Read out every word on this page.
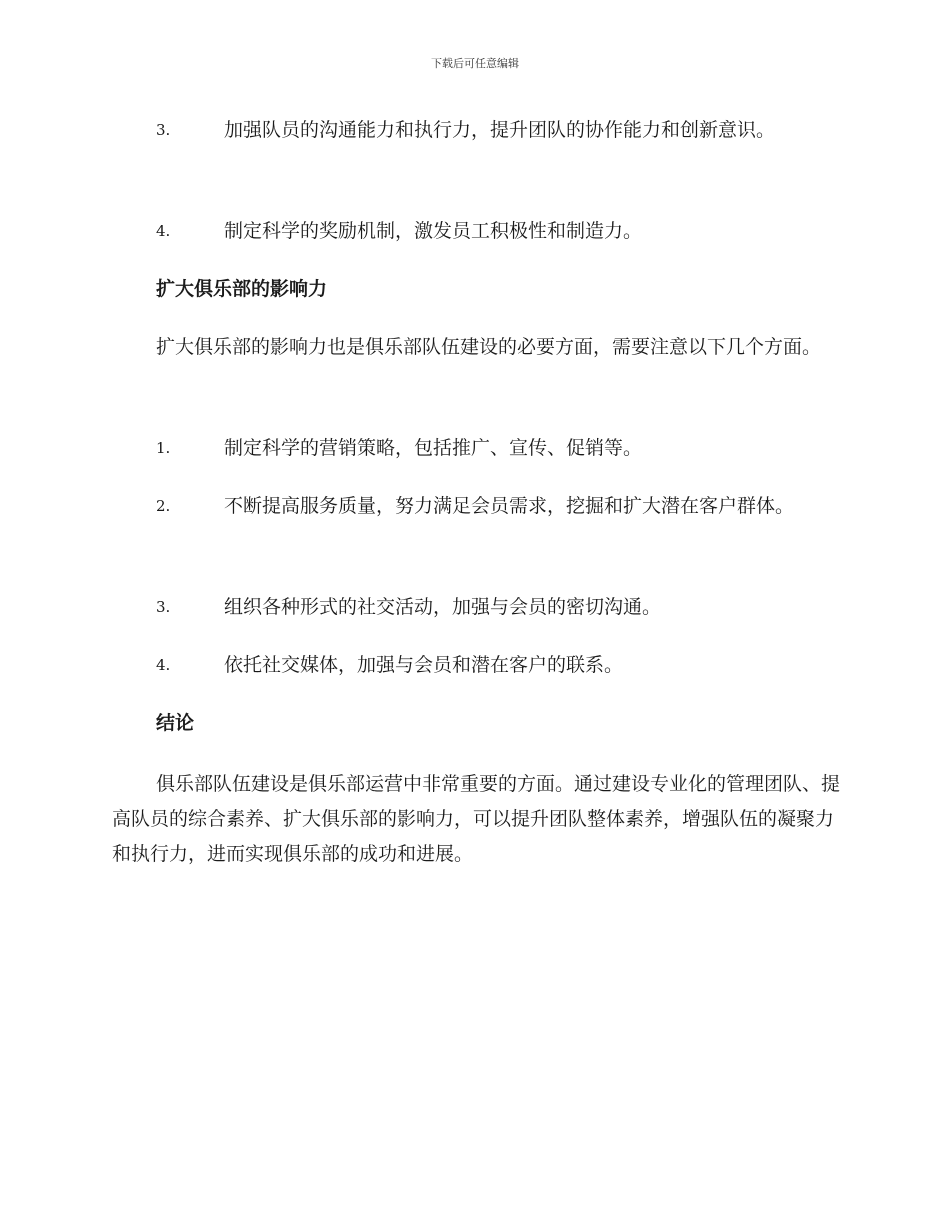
下载后可任意编辑
3.	加强队员的沟通能力和执行力，提升团队的协作能力和创新意识。
4.	制定科学的奖励机制，激发员工积极性和制造力。
扩大俱乐部的影响力
扩大俱乐部的影响力也是俱乐部队伍建设的必要方面，需要注意以下几个方面。
1.	制定科学的营销策略，包括推广、宣传、促销等。
2.	不断提高服务质量，努力满足会员需求，挖掘和扩大潜在客户群体。
3.	组织各种形式的社交活动，加强与会员的密切沟通。
4.	依托社交媒体，加强与会员和潜在客户的联系。
结论
俱乐部队伍建设是俱乐部运营中非常重要的方面。通过建设专业化的管理团队、提高队员的综合素养、扩大俱乐部的影响力，可以提升团队整体素养，增强队伍的凝聚力和执行力，进而实现俱乐部的成功和进展。
